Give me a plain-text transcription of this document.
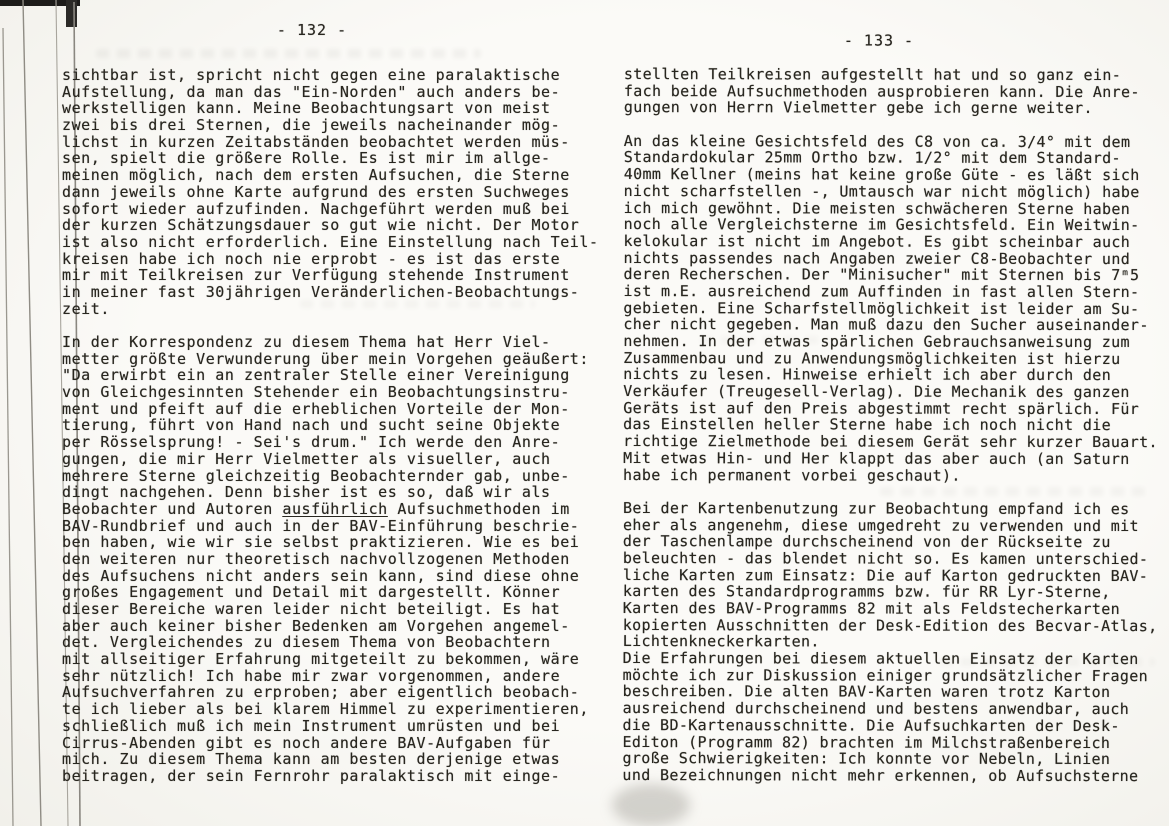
- 132 -
sichtbar ist, spricht nicht gegen eine paralaktische
Aufstellung, da man das "Ein-Norden" auch anders be-
werkstelligen kann. Meine Beobachtungsart von meist
zwei bis drei Sternen, die jeweils nacheinander mög-
lichst in kurzen Zeitabständen beobachtet werden müs-
sen, spielt die größere Rolle. Es ist mir im allge-
meinen möglich, nach dem ersten Aufsuchen, die Sterne
dann jeweils ohne Karte aufgrund des ersten Suchweges
sofort wieder aufzufinden. Nachgeführt werden muß bei
der kurzen Schätzungsdauer so gut wie nicht. Der Motor
ist also nicht erforderlich. Eine Einstellung nach Teil-
kreisen habe ich noch nie erprobt - es ist das erste
mir mit Teilkreisen zur Verfügung stehende Instrument
in meiner fast 30jährigen Veränderlichen-Beobachtungs-
zeit.

In der Korrespondenz zu diesem Thema hat Herr Viel-
metter größte Verwunderung über mein Vorgehen geäußert:
"Da erwirbt ein an zentraler Stelle einer Vereinigung
von Gleichgesinnten Stehender ein Beobachtungsinstru-
ment und pfeift auf die erheblichen Vorteile der Mon-
tierung, führt von Hand nach und sucht seine Objekte
per Rösselsprung! - Sei's drum." Ich werde den Anre-
gungen, die mir Herr Vielmetter als visueller, auch
mehrere Sterne gleichzeitig Beobachternder gab, unbe-
dingt nachgehen. Denn bisher ist es so, daß wir als
Beobachter und Autoren ausführlich Aufsuchmethoden im
BAV-Rundbrief und auch in der BAV-Einführung beschrie-
ben haben, wie wir sie selbst praktizieren. Wie es bei
den weiteren nur theoretisch nachvollzogenen Methoden
des Aufsuchens nicht anders sein kann, sind diese ohne
großes Engagement und Detail mit dargestellt. Könner
dieser Bereiche waren leider nicht beteiligt. Es hat
aber auch keiner bisher Bedenken am Vorgehen angemel-
det. Vergleichendes zu diesem Thema von Beobachtern
mit allseitiger Erfahrung mitgeteilt zu bekommen, wäre
sehr nützlich! Ich habe mir zwar vorgenommen, andere
Aufsuchverfahren zu erproben; aber eigentlich beobach-
te ich lieber als bei klarem Himmel zu experimentieren,
schließlich muß ich mein Instrument umrüsten und bei
Cirrus-Abenden gibt es noch andere BAV-Aufgaben für
mich. Zu diesem Thema kann am besten derjenige etwas
beitragen, der sein Fernrohr paralaktisch mit einge-
- 133 -
stellten Teilkreisen aufgestellt hat und so ganz ein-
fach beide Aufsuchmethoden ausprobieren kann. Die Anre-
gungen von Herrn Vielmetter gebe ich gerne weiter.

An das kleine Gesichtsfeld des C8 von ca. 3/4° mit dem
Standardokular 25mm Ortho bzw. 1/2° mit dem Standard-
40mm Kellner (meins hat keine große Güte - es läßt sich
nicht scharfstellen -, Umtausch war nicht möglich) habe
ich mich gewöhnt. Die meisten schwächeren Sterne haben
noch alle Vergleichsterne im Gesichtsfeld. Ein Weitwin-
kelokular ist nicht im Angebot. Es gibt scheinbar auch
nichts passendes nach Angaben zweier C8-Beobachter und
deren Recherschen. Der "Minisucher" mit Sternen bis 7ᵐ5
ist m.E. ausreichend zum Auffinden in fast allen Stern-
gebieten. Eine Scharfstellmöglichkeit ist leider am Su-
cher nicht gegeben. Man muß dazu den Sucher auseinander-
nehmen. In der etwas spärlichen Gebrauchsanweisung zum
Zusammenbau und zu Anwendungsmöglichkeiten ist hierzu
nichts zu lesen. Hinweise erhielt ich aber durch den
Verkäufer (Treugesell-Verlag). Die Mechanik des ganzen
Geräts ist auf den Preis abgestimmt recht spärlich. Für
das Einstellen heller Sterne habe ich noch nicht die
richtige Zielmethode bei diesem Gerät sehr kurzer Bauart.
Mit etwas Hin- und Her klappt das aber auch (an Saturn
habe ich permanent vorbei geschaut).

Bei der Kartenbenutzung zur Beobachtung empfand ich es
eher als angenehm, diese umgedreht zu verwenden und mit
der Taschenlampe durchscheinend von der Rückseite zu
beleuchten - das blendet nicht so. Es kamen unterschied-
liche Karten zum Einsatz: Die auf Karton gedruckten BAV-
karten des Standardprogramms bzw. für RR Lyr-Sterne,
Karten des BAV-Programms 82 mit als Feldstecherkarten
kopierten Ausschnitten der Desk-Edition des Becvar-Atlas,
Lichtenkneckerkarten.
Die Erfahrungen bei diesem aktuellen Einsatz der Karten
möchte ich zur Diskussion einiger grundsätzlicher Fragen
beschreiben. Die alten BAV-Karten waren trotz Karton
ausreichend durchscheinend und bestens anwendbar, auch
die BD-Kartenausschnitte. Die Aufsuchkarten der Desk-
Editon (Programm 82) brachten im Milchstraßenbereich
große Schwierigkeiten: Ich konnte vor Nebeln, Linien
und Bezeichnungen nicht mehr erkennen, ob Aufsuchsterne
